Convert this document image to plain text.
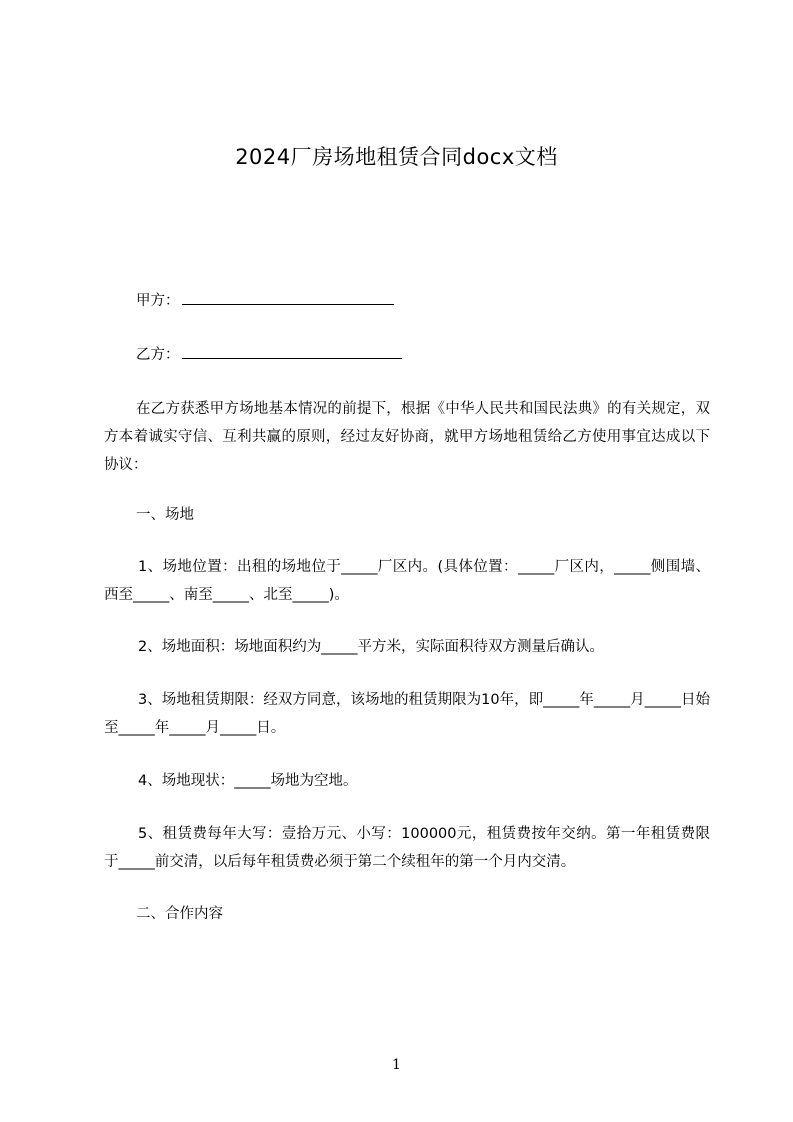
2024厂房场地租赁合同docx文档
甲方：
乙方：
在乙方获悉甲方场地基本情况的前提下，根据《中华人民共和国民法典》的有关规定，双方本着诚实守信、互利共赢的原则，经过友好协商，就甲方场地租赁给乙方使用事宜达成以下协议：
一、场地
1、场地位置：出租的场地位于_____厂区内。(具体位置：_____厂区内，_____侧围墙、西至_____、南至_____、北至_____)。
2、场地面积：场地面积约为_____平方米，实际面积待双方测量后确认。
3、场地租赁期限：经双方同意，该场地的租赁期限为10年，即_____年_____月_____日始至_____年_____月_____日。
4、场地现状：_____场地为空地。
5、租赁费每年大写：壹拾万元、小写：100000元，租赁费按年交纳。第一年租赁费限于_____前交清，以后每年租赁费必须于第二个续租年的第一个月内交清。
二、合作内容
1
